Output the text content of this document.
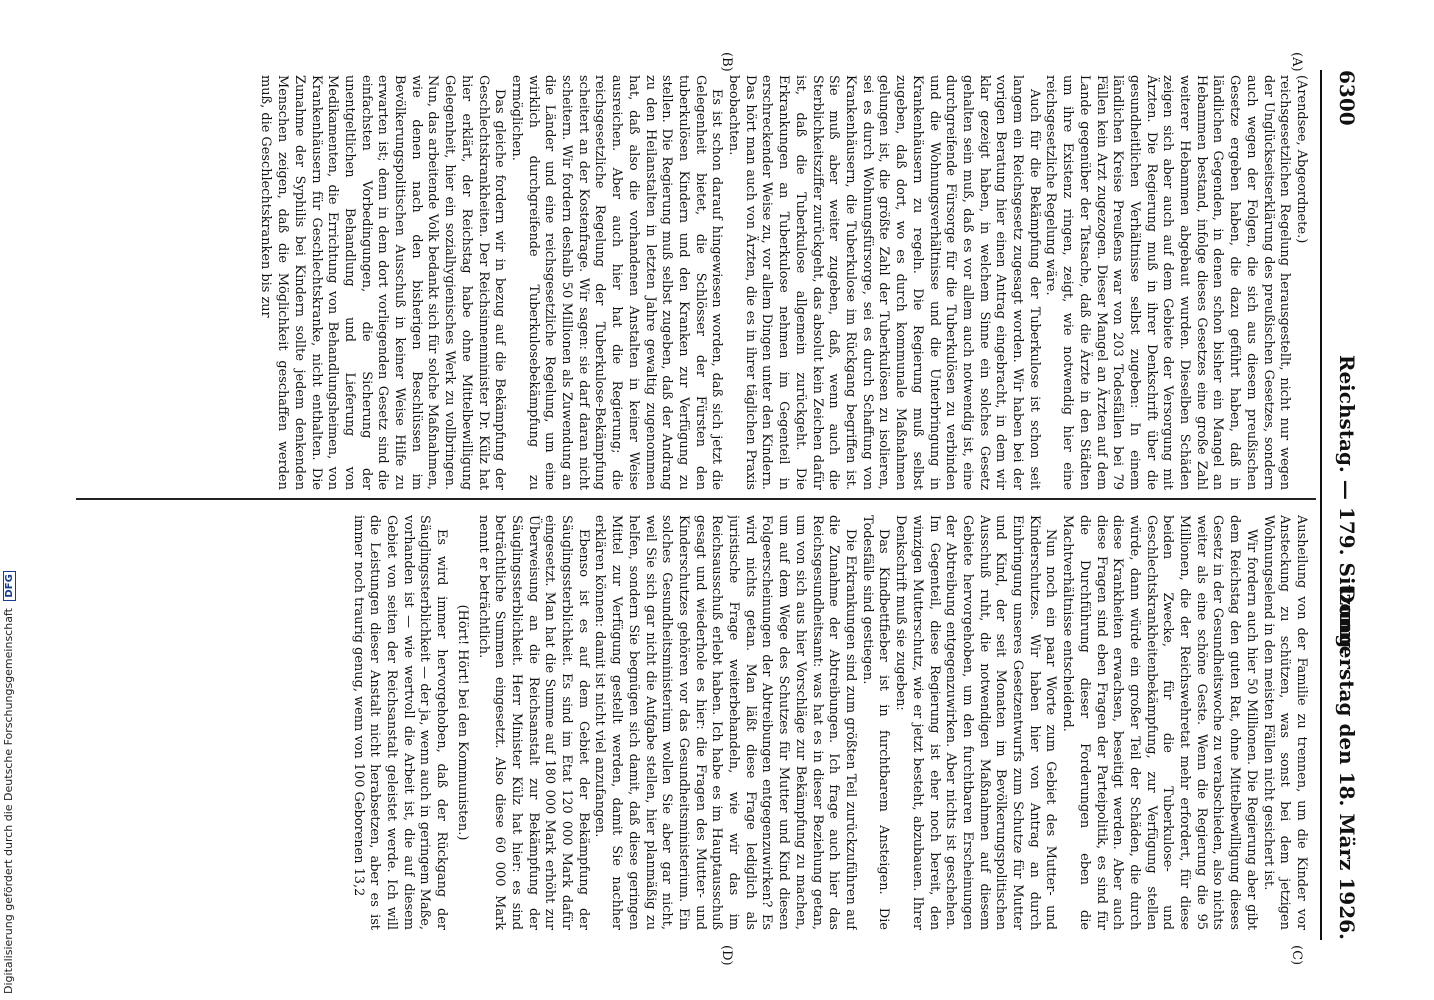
6300
Reichstag. — 179. Sitzung.
Donnerstag den 18. März 1926.
(A)
(B)
(C)
(D)

(Arendsee, Abgeordnete.)

reichsgesetzlichen Regelung herausgestellt, nicht nur wegen der Unglückseitserklärung des preußischen Gesetzes, sondern auch wegen der Folgen, die sich aus diesem preußischen Gesetze ergeben haben, die dazu geführt haben, daß in ländlichen Gegenden, in denen schon bisher ein Mangel an Hebammen bestand, infolge dieses Gesetzes eine große Zahl weiterer Hebammen abgebaut wurden. Dieselben Schäden zeigen sich aber auch auf dem Gebiete der Versorgung mit Ärzten. Die Regierung muß in ihrer Denkschrift über die gesundheitlichen Verhältnisse selbst zugeben: In einem ländlichen Kreise Preußens war von 203 Todesfällen bei 79 Fällen kein Arzt zugezogen. Dieser Mangel an Ärzten auf dem Lande gegenüber der Tatsache, daß die Ärzte in den Städten um ihre Existenz ringen, zeigt, wie notwendig hier eine reichsgesetzliche Regelung wäre.

Auch für die Bekämpfung der Tuberkulose ist schon seit langem ein Reichsgesetz zugesagt worden. Wir haben bei der vorigen Beratung hier einen Antrag eingebracht, in dem wir klar gezeigt haben, in welchem Sinne ein solches Gesetz gehalten sein muß, daß es vor allem auch notwendig ist, eine durchgreifende Fürsorge für die Tuberkulösen zu verbinden und die Wohnungsverhältnisse und die Unterbringung in Krankenhäusern zu regeln. Die Regierung muß selbst zugeben, daß dort, wo es durch kommunale Maßnahmen gelungen ist, die größte Zahl der Tuberkulösen zu isolieren, sei es durch Wohnungsfürsorge, sei es durch Schaffung von Krankenhäusern, die Tuberkulose im Rückgang begriffen ist. Sie muß aber weiter zugeben, daß, wenn auch die Sterblichkeitsziffer zurückgeht, das absolut kein Zeichen dafür ist, daß die Tuberkulose allgemein zurückgeht. Die Erkrankungen an Tuberkulose nehmen im Gegenteil in erschreckender Weise zu, vor allem Dingen unter den Kindern. Das hört man auch von Ärzten, die es in ihrer täglichen Praxis beobachten.

Es ist schon darauf hingewiesen worden, daß sich jetzt die Gelegenheit bietet, die Schlösser der Fürsten den tuberkulösen Kindern und den Kranken zur Verfügung zu stellen. Die Regierung muß selbst zugeben, daß der Andrang zu den Heilanstalten in letzten Jahre gewaltig zugenommen hat, daß also die vorhandenen Anstalten in keiner Weise ausreichen. Aber auch hier hat die Regierung; die reichsgesetzliche Regelung der Tuberkulose-Bekämpfung scheitert an der Kostenfrage. Wir sagen: sie darf daran nicht scheitern. Wir fordern deshalb 50 Millionen als Zuwendung an die Länder und eine reichsgesetzliche Regelung, um eine wirklich durchgreifende Tuberkulosebekämpfung zu ermöglichen.

Das gleiche fordern wir in bezug auf die Bekämpfung der Geschlechtskrankheiten. Der Reichsinnenminister Dr. Külz hat hier erklärt, der Reichstag habe ohne Mittelbewilligung Gelegenheit, hier ein sozialhygienisches Werk zu vollbringen. Nun, das arbeitende Volk bedankt sich für solche Maßnahmen, wie denen nach den bisherigen Beschlüssen im Bevölkerungspolitischen Ausschuß in keiner Weise Hilfe zu erwarten ist; denn in dem dort vorliegenden Gesetz sind die einfachsten Vorbedingungen, die Sicherung der unentgeltlichen Behandlung und Lieferung von Medikamenten, die Errichtung von Behandlungsheimen, von Krankenhäusern für Geschlechtskranke, nicht enthalten. Die Zunahme der Syphilis bei Kindern sollte jedem denkenden Menschen zeigen, daß die Möglichkeit geschaffen werden muß, die Geschlechtskranken bis zur

Ausheilung von der Familie zu trennen, um die Kinder vor Ansteckung zu schützen, was sonst bei dem jetzigen Wohnungselend in den meisten Fällen nicht gesichert ist.

Wir fordern auch hier 50 Millionen. Die Regierung aber gibt dem Reichstag den guten Rat, ohne Mittelbewilligung dieses Gesetz in der Gesundheitswoche zu verabschieden, also nichts weiter als eine schöne Geste. Wenn die Regierung die 95 Millionen, die der Reichswehretat mehr erfordert, für diese beiden Zwecke, für die Tuberkulose- und Geschlechtskrankheitenbekämpfung, zur Verfügung stellen würde, dann würde ein großer Teil der Schäden, die durch diese Krankheiten erwachsen, beseitigt werden. Aber auch diese Fragen sind eben Fragen der Parteipolitik, es sind für die Durchführung dieser Forderungen eben die Machtverhältnisse entscheidend.

Nun noch ein paar Worte zum Gebiet des Mutter- und Kinderschutzes. Wir haben hier von Antrag an durch Einbringung unseres Gesetzentwurfs zum Schutze für Mutter und Kind, der seit Monaten im Bevölkerungspolitischen Ausschuß ruht, die notwendigen Maßnahmen auf diesem Gebiete hervorgehoben, um den furchtbaren Erscheinungen der Abtreibung entgegenzuwirken. Aber nichts ist geschehen. Im Gegenteil, diese Regierung ist eher noch bereit, den winzigen Mutterschutz, wie er jetzt besteht, abzubauen. Ihrer Denkschrift muß sie zugeben:

Das Kindbettfieber ist in furchtbarem Ansteigen. Die Todesfälle sind gestiegen.

Die Erkrankungen sind zum größten Teil zurückzuführen auf die Zunahme der Abtreibungen. Ich frage auch hier das Reichsgesundheitsamt: was hat es in dieser Beziehung getan, um von sich aus hier Vorschläge zur Bekämpfung zu machen, um auf dem Wege des Schutzes für Mutter und Kind diesen Folgeerscheinungen der Abtreibungen entgegenzuwirken? Es wird nichts getan. Man läßt diese Frage lediglich als juristische Frage weiterbehandeln, wie wir das im Reichsausschuß erlebt haben. Ich habe es im Hauptausschuß gesagt und wiederhole es hier: die Fragen des Mutter- und Kinderschutzes gehören vor das Gesundheitsministerium. Ein solches Gesundheitsministerium wollen Sie aber gar nicht, weil Sie sich gar nicht die Aufgabe stellen, hier planmäßig zu helfen, sondern Sie begnügen sich damit, daß diese geringen Mittel zur Verfügung gestellt werden, damit Sie nachher erklären können: damit ist nicht viel anzufangen.

Ebenso ist es auf dem Gebiet der Bekämpfung der Säuglingssterblichkeit. Es sind im Etat 120 000 Mark dafür eingesetzt. Man hat die Summe auf 180 000 Mark erhöht zur Überweisung an die Reichsanstalt zur Bekämpfung der Säuglingssterblichkeit. Herr Minister Külz hat hier: es sind beträchtliche Summen eingesetzt. Also diese 60 000 Mark nennt er beträchtlich.

(Hört! Hört! bei den Kommunisten.)

Es wird immer hervorgehoben, daß der Rückgang der Säuglingssterblichkeit — der ja, wenn auch in geringem Maße, vorhanden ist — wie wertvoll die Arbeit ist, die auf diesem Gebiet von seiten der Reichsanstalt geleistet werde. Ich will die Leistungen dieser Anstalt nicht herabsetzen, aber es ist immer noch traurig genug, wenn von 100 Geborenen 13,2

Digitalisierung gefördert durch die Deutsche Forschungsgemeinschaft DFG
